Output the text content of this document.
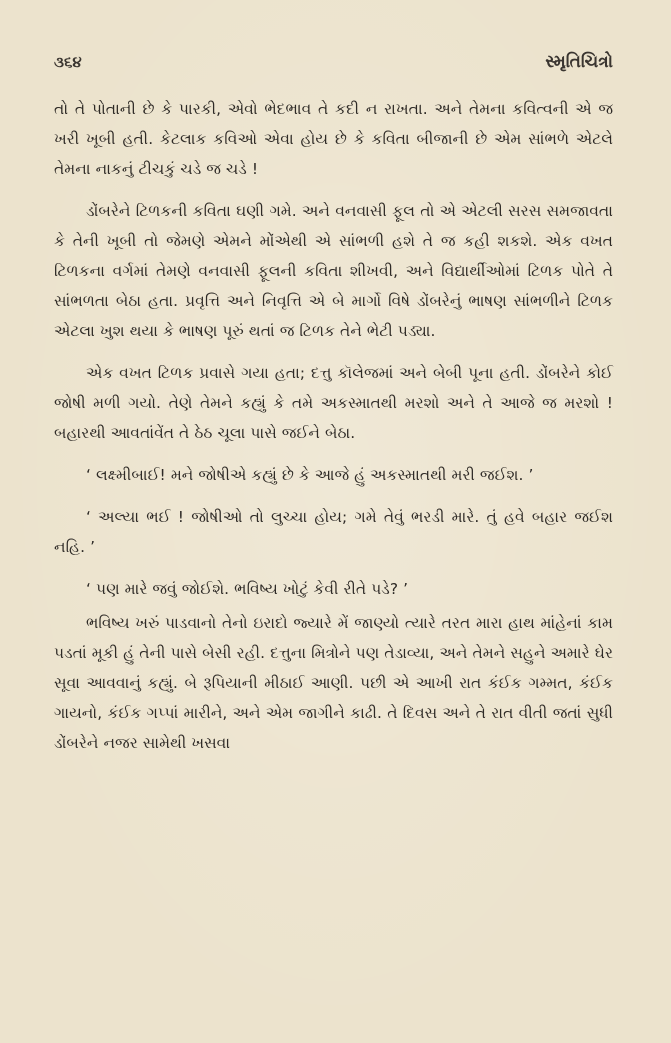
૩૬૪	સ્મૃતિચિત્રો

તો તે પોતાની છે કે પારકી, એવો ભેદભાવ તે કદી ન રાખતા. અને તેમના કવિત્વની એ જ ખરી ખૂબી હતી. કેટલાક કવિઓ એવા હોય છે કે કવિતા બીજાની છે એમ સાંભળે એટલે તેમના નાકનું ટીચકું ચડે જ ચડે !

ડોંબરેને ટિળકની કવિતા ઘણી ગમે. અને વનવાસી ફૂલ તો એ એટલી સરસ સમજાવતા કે તેની ખૂબી તો જેમણે એમને મોંએથી એ સાંભળી હશે તે જ કહી શકશે. એક વખત ટિળકના વર્ગમાં તેમણે વનવાસી ફૂલની કવિતા શીખવી, અને વિદ્યાર્થીઓમાં ટિળક પોતે તે સાંભળતા બેઠા હતા. પ્રવૃત્તિ અને નિવૃત્તિ એ બે માર્ગો વિષે ડોંબરેનું ભાષણ સાંભળીને ટિળક એટલા ખુશ થયા કે ભાષણ પૂરું થતાં જ ટિળક તેને ભેટી પડ્યા.

એક વખત ટિળક પ્રવાસે ગયા હતા; દત્તુ કૉલેજમાં અને બેબી પૂના હતી. ડોંબરેને કોઈ જોષી મળી ગયો. તેણે તેમને કહ્યું કે તમે અકસ્માતથી મરશો અને તે આજે જ મરશો ! બહારથી આવતાંવેંત તે ઠેઠ ચૂલા પાસે જઈને બેઠા.

‘ લક્ષ્મીબાઈ! મને જોષીએ કહ્યું છે કે આજે હું અકસ્માતથી મરી જઈશ. ’

‘ અલ્યા ભઈ ! જોષીઓ તો લુચ્ચા હોય; ગમે તેવું ભરડી મારે. તું હવે બહાર જઈશ નહિ. ’

‘ પણ મારે જવું જોઈશે. ભવિષ્ય ખોટું કેવી રીતે પડે? ’

ભવિષ્ય ખરું પાડવાનો તેનો ઇરાદો જ્યારે મેં જાણ્યો ત્યારે તરત મારા હાથ માંહેનાં કામ પડતાં મૂકી હું તેની પાસે બેસી રહી. દત્તુના મિત્રોને પણ તેડાવ્યા, અને તેમને સહુને અમારે ઘેર સૂવા આવવાનું કહ્યું. બે રૂપિયાની મીઠાઈ આણી. પછી એ આખી રાત કંઈક ગમ્મત, કંઈક ગાયનો, કંઈક ગપ્પાં મારીને, અને એમ જાગીને કાઢી. તે દિવસ અને તે રાત વીતી જતાં સુધી ડોંબરેને નજર સામેથી ખસવા
